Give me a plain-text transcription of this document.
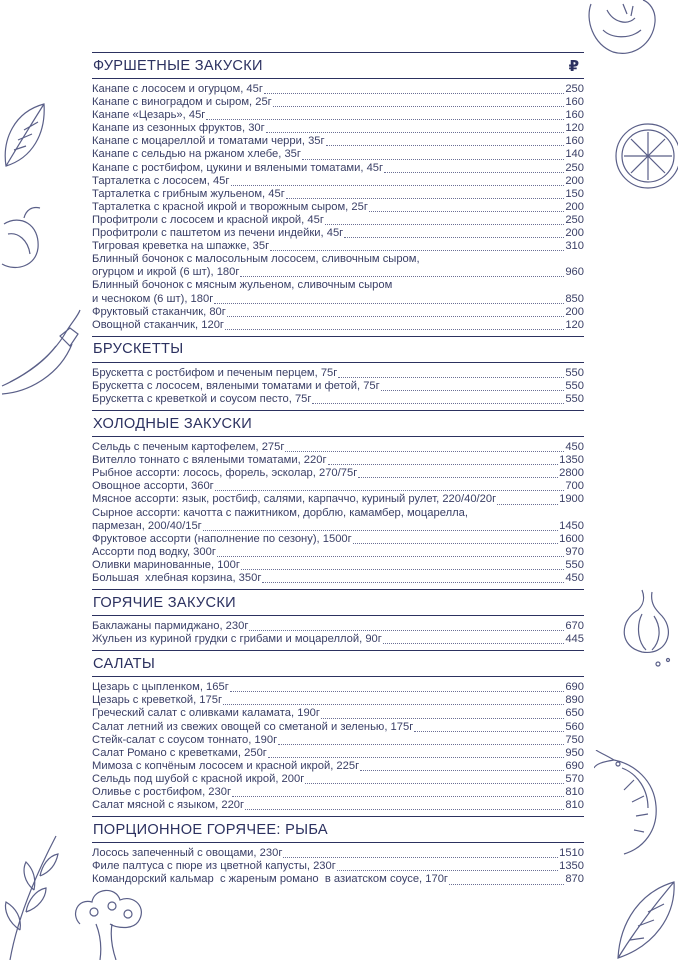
ФУРШЕТНЫЕ ЗАКУСКИ	₽
Канапе с лососем и огурцом, 45г	250
Канапе с виноградом и сыром, 25г	160
Канапе «Цезарь», 45г	160
Канапе из сезонных фруктов, 30г	120
Канапе с моцареллой и томатами черри, 35г	160
Канапе с сельдью на ржаном хлебе, 35г	140
Канапе с ростбифом, цукини и вялеными томатами, 45г	250
Тарталетка с лососем, 45г	200
Тарталетка с грибным жульеном, 45г	150
Тарталетка с красной икрой и творожным сыром, 25г	200
Профитроли с лососем и красной икрой, 45г	250
Профитроли с паштетом из печени индейки, 45г	200
Тигровая креветка на шпажке, 35г	310
Блинный бочонок с малосольным лососем, сливочным сыром,
огурцом и икрой (6 шт), 180г	960
Блинный бочонок с мясным жульеном, сливочным сыром
и чесноком (6 шт), 180г	850
Фруктовый стаканчик, 80г	200
Овощной стаканчик, 120г	120
БРУСКЕТТЫ
Брускетта с ростбифом и печеным перцем, 75г	550
Брускетта с лососем, вялеными томатами и фетой, 75г	550
Брускетта с креветкой и соусом песто, 75г	550
ХОЛОДНЫЕ ЗАКУСКИ
Сельдь с печеным картофелем, 275г	450
Вителло тоннато с вялеными томатами, 220г	1350
Рыбное ассорти: лосось, форель, эсколар, 270/75г	2800
Овощное ассорти, 360г	700
Мясное ассорти: язык, ростбиф, салями, карпаччо, куриный рулет, 220/40/20г	1900
Сырное ассорти: качотта с пажитником, дорблю, камамбер, моцарелла,
пармезан, 200/40/15г	1450
Фруктовое ассорти (наполнение по сезону), 1500г	1600
Ассорти под водку, 300г	970
Оливки маринованные, 100г	550
Большая  хлебная корзина, 350г	450
ГОРЯЧИЕ ЗАКУСКИ
Баклажаны пармиджано, 230г	670
Жульен из куриной грудки с грибами и моцареллой, 90г	445
САЛАТЫ
Цезарь с цыпленком, 165г	690
Цезарь с креветкой, 175г	890
Греческий салат с оливками каламата, 190г	650
Салат летний из свежих овощей со сметаной и зеленью, 175г	560
Стейк-салат с соусом тоннато, 190г	750
Салат Романо с креветками, 250г	950
Мимоза с копчёным лососем и красной икрой, 225г	690
Сельдь под шубой с красной икрой, 200г	570
Оливье с ростбифом, 230г	810
Салат мясной с языком, 220г	810
ПОРЦИОННОЕ ГОРЯЧЕЕ: РЫБА
Лосось запеченный с овощами, 230г	1510
Филе палтуса с пюре из цветной капусты, 230г	1350
Командорский кальмар  с жареным романо  в азиатском соусе, 170г	870
